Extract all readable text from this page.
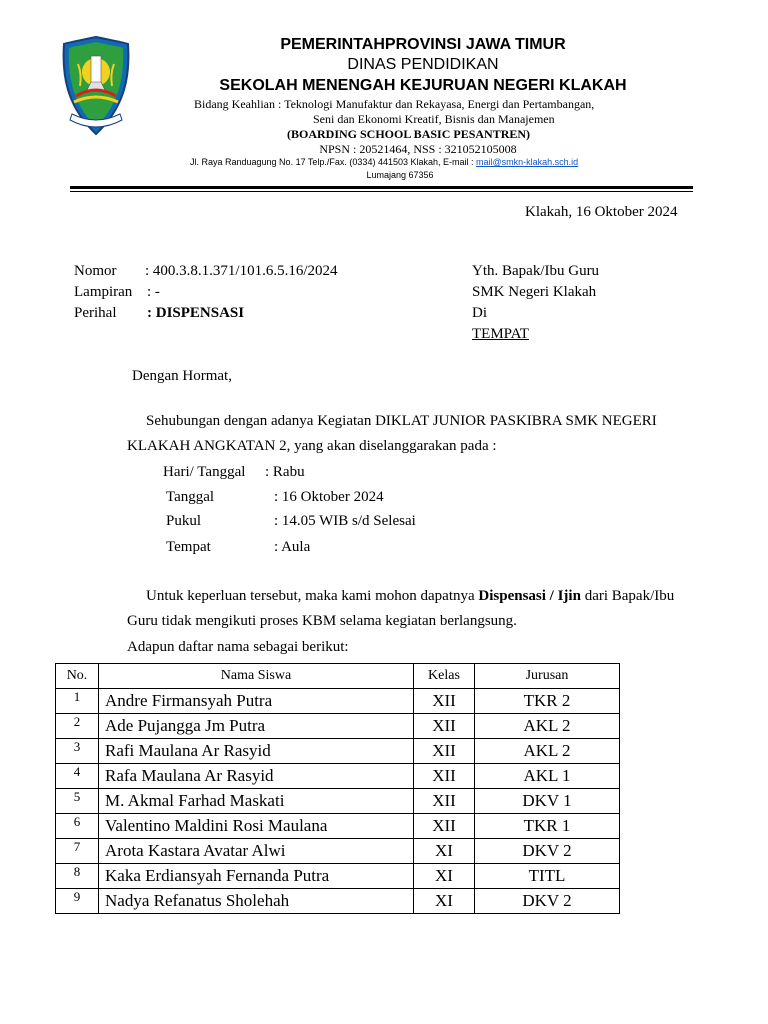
PEMERINTAHPROVINSI JAWA TIMUR
DINAS PENDIDIKAN
SEKOLAH MENENGAH KEJURUAN NEGERI KLAKAH
Bidang Keahlian : Teknologi Manufaktur dan Rekayasa, Energi dan Pertambangan,
Seni dan Ekonomi Kreatif, Bisnis dan Manajemen
(BOARDING SCHOOL BASIC PESANTREN)
NPSN : 20521464, NSS : 321052105008
Jl. Raya Randuagung No. 17 Telp./Fax. (0334) 441503 Klakah, E-mail : mail@smkn-klakah.sch.id
Lumajang 67356
Klakah, 16 Oktober 2024
Nomor : 400.3.8.1.371/101.6.5.16/2024
Lampiran : -
Perihal : DISPENSASI
Yth. Bapak/Ibu Guru
SMK Negeri Klakah
Di
TEMPAT
Dengan Hormat,
Sehubungan dengan adanya Kegiatan DIKLAT JUNIOR PASKIBRA SMK NEGERI
KLAKAH ANGKATAN 2, yang akan diselanggarakan pada :
Hari/ Tanggal : Rabu
Tanggal	: 16 Oktober 2024
Pukul	: 14.05 WIB s/d Selesai
Tempat	: Aula
Untuk keperluan tersebut, maka kami mohon dapatnya Dispensasi / Ijin dari Bapak/Ibu
Guru tidak mengikuti proses KBM selama kegiatan berlangsung.
Adapun daftar nama sebagai berikut:
No.	Nama Siswa	Kelas	Jurusan
1	Andre Firmansyah Putra	XII	TKR 2
2	Ade Pujangga Jm Putra	XII	AKL 2
3	Rafi Maulana Ar Rasyid	XII	AKL 2
4	Rafa Maulana Ar Rasyid	XII	AKL 1
5	M. Akmal Farhad Maskati	XII	DKV 1
6	Valentino Maldini Rosi Maulana	XII	TKR 1
7	Arota Kastara Avatar Alwi	XI	DKV 2
8	Kaka Erdiansyah Fernanda Putra	XI	TITL
9	Nadya Refanatus Sholehah	XI	DKV 2
